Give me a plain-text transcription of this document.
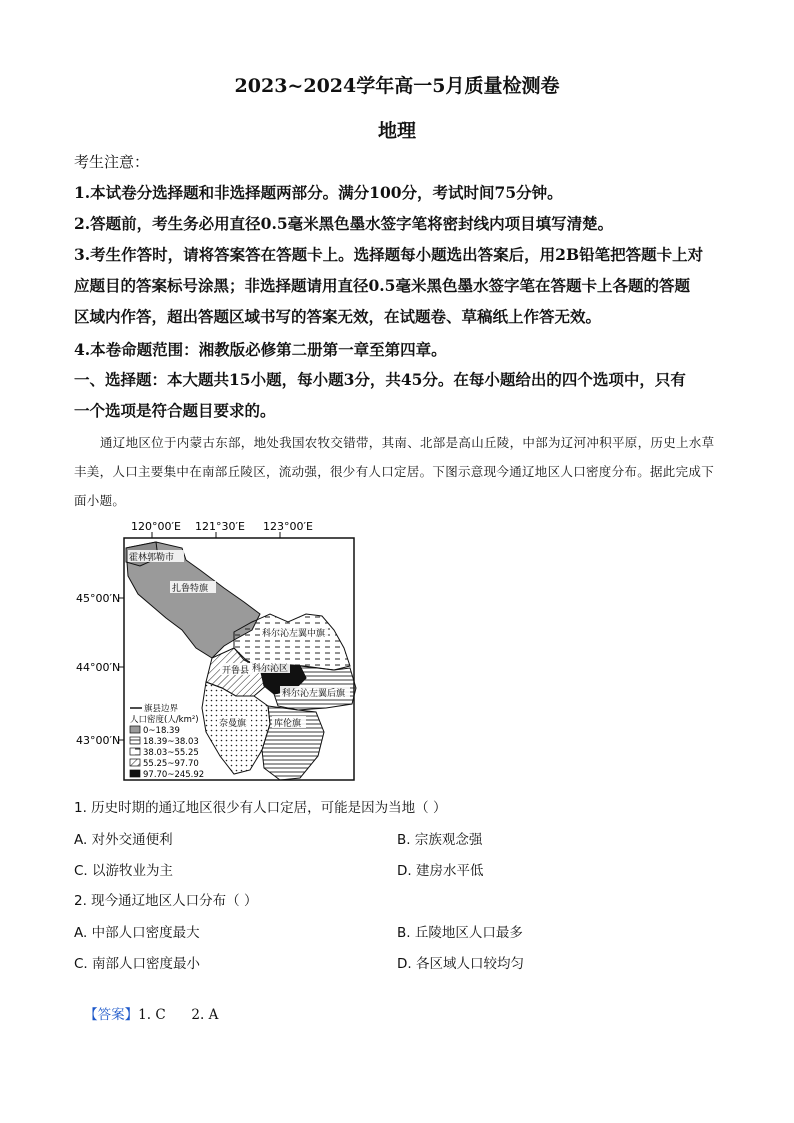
2023~2024学年高一5月质量检测卷
地理
考生注意：
1.本试卷分选择题和非选择题两部分。满分100分，考试时间75分钟。
2.答题前，考生务必用直径0.5毫米黑色墨水签字笔将密封线内项目填写清楚。
3.考生作答时，请将答案答在答题卡上。选择题每小题选出答案后，用2B铅笔把答题卡上对
应题目的答案标号涂黑；非选择题请用直径0.5毫米黑色墨水签字笔在答题卡上各题的答题
区域内作答，超出答题区域书写的答案无效，在试题卷、草稿纸上作答无效。
4.本卷命题范围：湘教版必修第二册第一章至第四章。
一、选择题：本大题共15小题，每小题3分，共45分。在每小题给出的四个选项中，只有
一个选项是符合题目要求的。
通辽地区位于内蒙古东部，地处我国农牧交错带，其南、北部是高山丘陵，中部为辽河冲积平原，历史上水草丰美，人口主要集中在南部丘陵区，流动强，很少有人口定居。下图示意现今通辽地区人口密度分布。据此完成下面小题。
120°00′E 121°30′E 123°00′E
45°00′N
44°00′N
43°00′N
霍林郭勒市
扎鲁特旗
科尔沁左翼中旗
开鲁县 科尔沁区
科尔沁左翼后旗
奈曼旗	库伦旗
旗县边界
人口密度(人/km²)
0~18.39
18.39~38.03
38.03~55.25
55.25~97.70
97.70~245.92
1. 历史时期的通辽地区很少有人口定居，可能是因为当地（ ）
A. 对外交通便利	B. 宗族观念强
C. 以游牧业为主	D. 建房水平低
2. 现今通辽地区人口分布（ ）
A. 中部人口密度最大	B. 丘陵地区人口最多
C. 南部人口密度最小	D. 各区域人口较均匀

【答案】1. C      2. A
